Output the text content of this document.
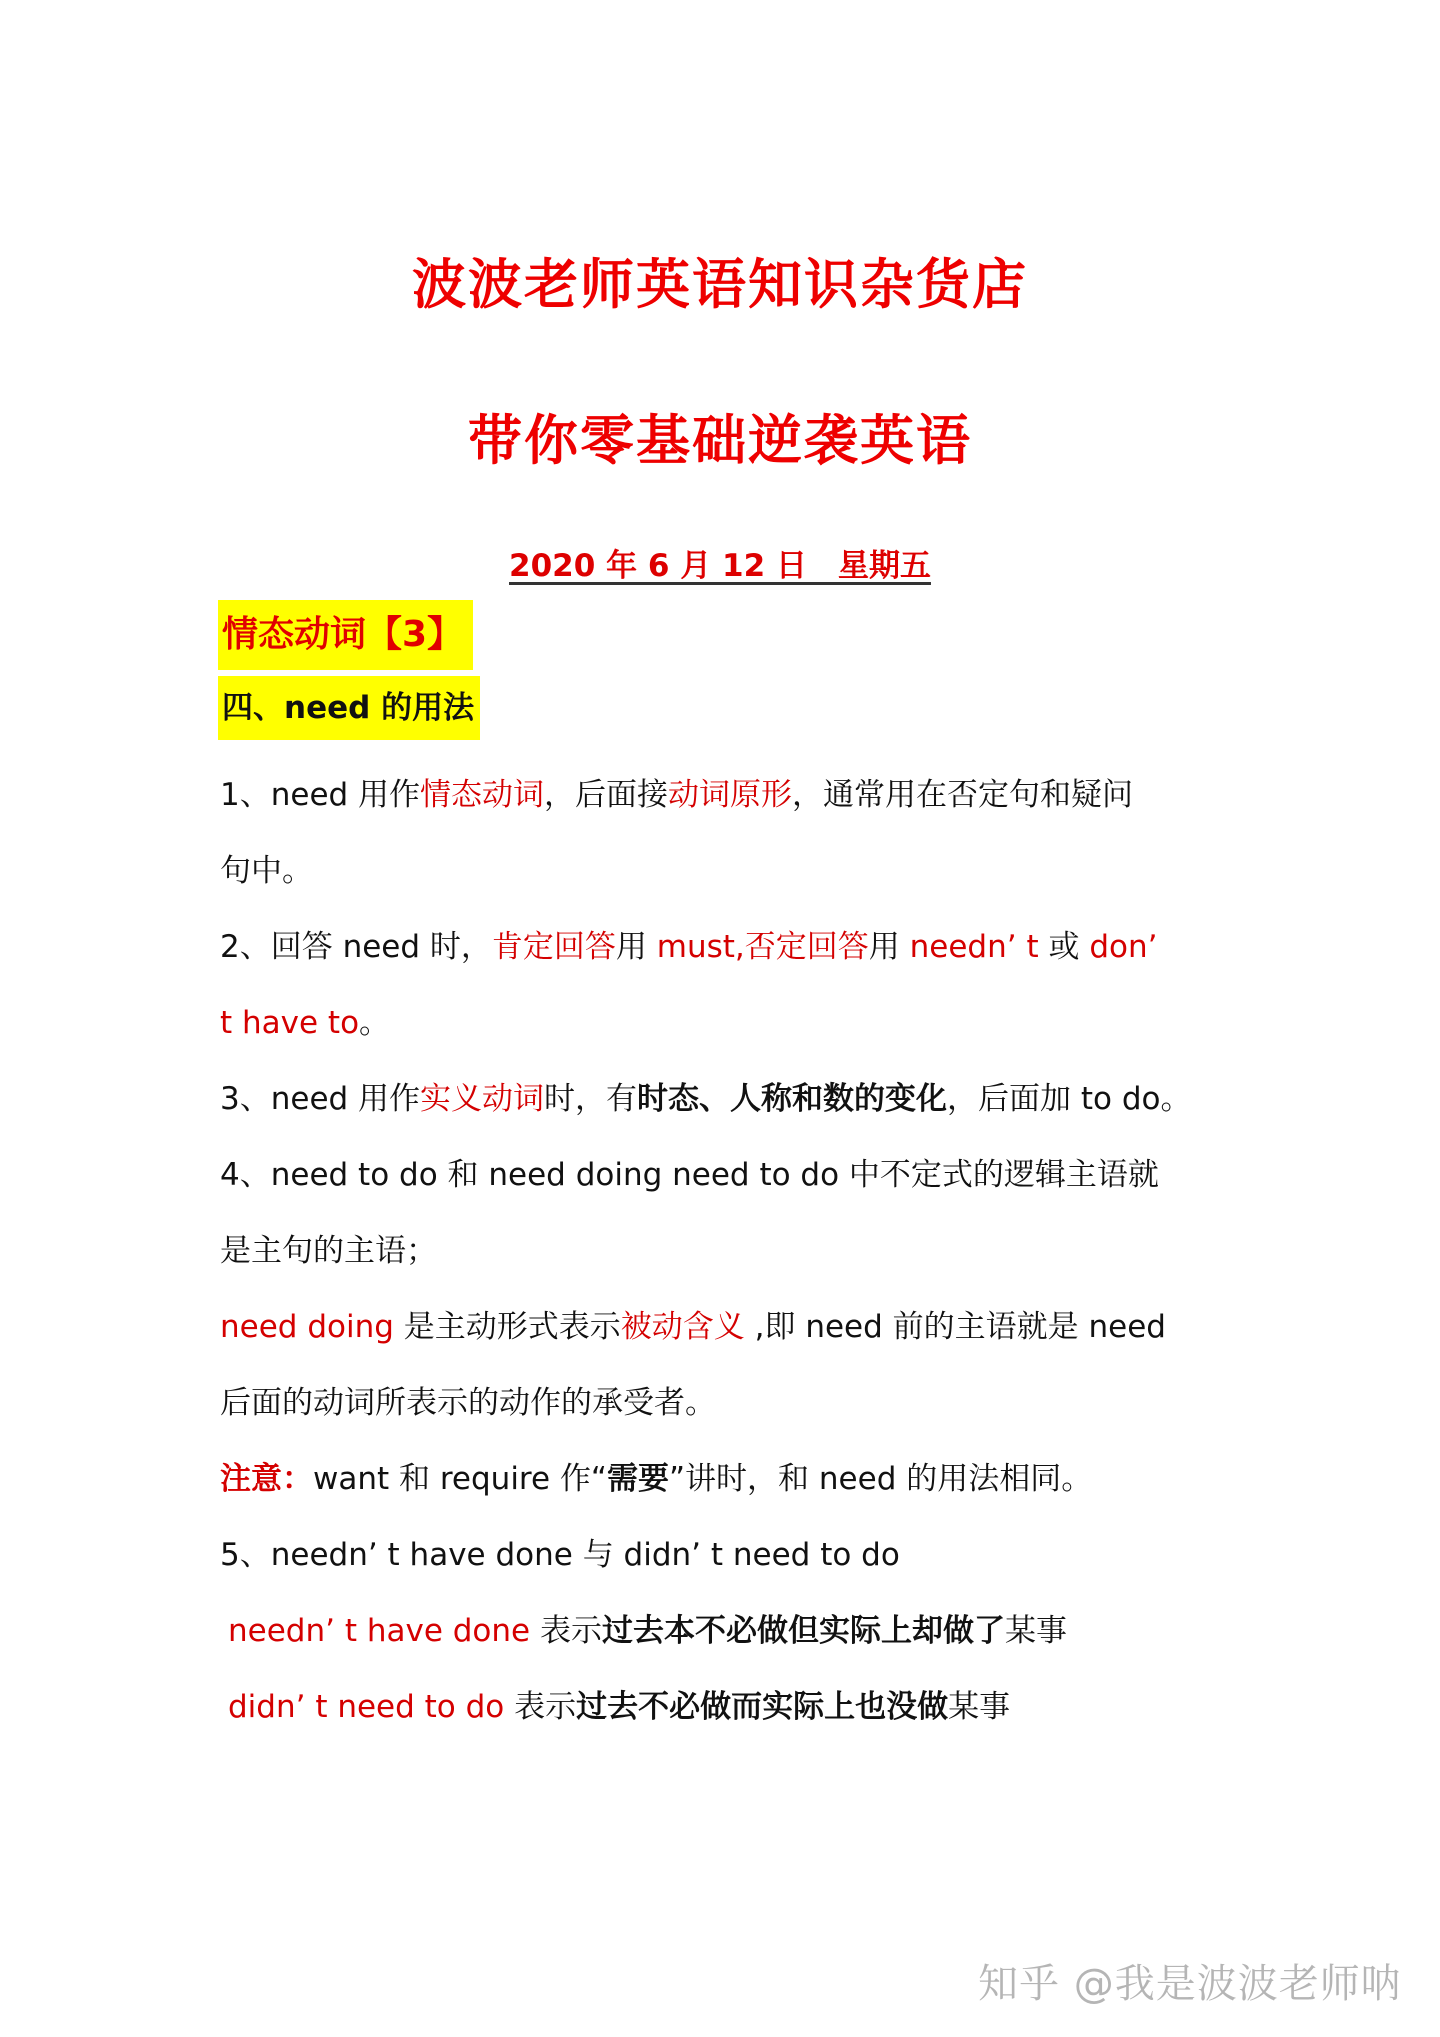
波波老师英语知识杂货店
带你零基础逆袭英语
2020 年 6 月 12 日　星期五
情态动词【3】
四、need 的用法
1、need 用作情态动词，后面接动词原形，通常用在否定句和疑问
句中。
2、回答 need 时，肯定回答用 must,否定回答用 needn’ t 或 don’
t have to。
3、need 用作实义动词时，有时态、人称和数的变化，后面加 to do。
4、need to do 和 need doing need to do 中不定式的逻辑主语就
是主句的主语；
need doing 是主动形式表示被动含义 ,即 need 前的主语就是 need
后面的动词所表示的动作的承受者。
注意：want 和 require 作“需要”讲时，和 need 的用法相同。
5、needn’ t have done 与 didn’ t need to do
needn’ t have done 表示过去本不必做但实际上却做了某事
didn’ t need to do 表示过去不必做而实际上也没做某事
知乎 @我是波波老师呐
